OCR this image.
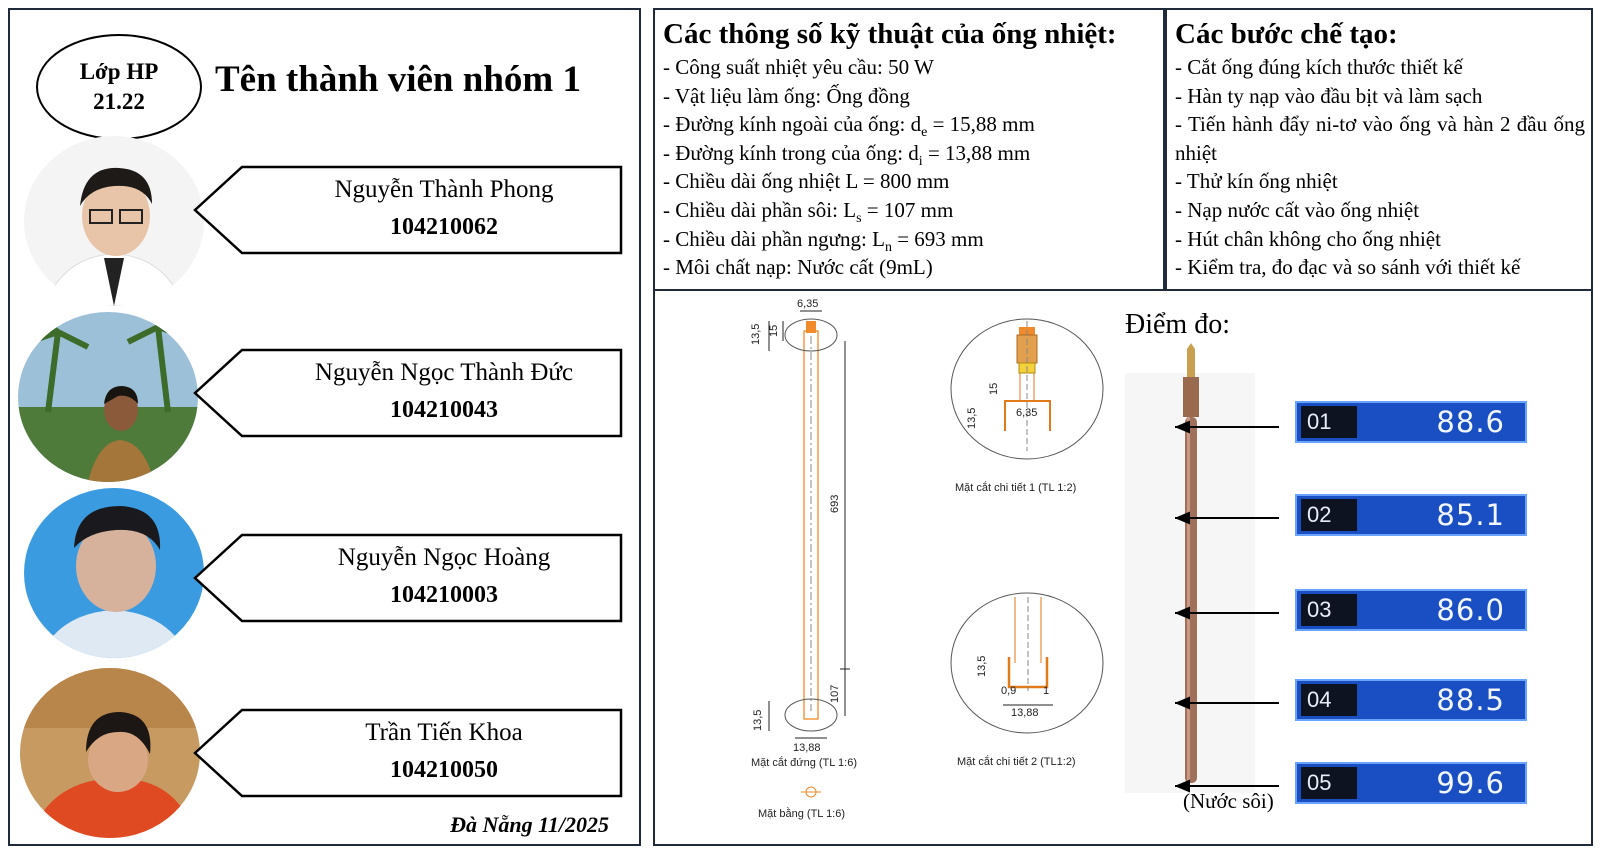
Lớp HP
21.22
Tên thành viên nhóm 1
Nguyễn Thành Phong
104210062
Nguyễn Ngọc Thành Đức
104210043
Nguyễn Ngọc Hoàng
104210003
Trần Tiến Khoa
104210050
Đà Nẵng 11/2025
Các thông số kỹ thuật của ống nhiệt:
- Công suất nhiệt yêu cầu: 50 W
- Vật liệu làm ống: Ống đồng
- Đường kính ngoài của ống: $d_e = 15,88$ mm
- Đường kính trong của ống: $d_i = 13,88$ mm
- Chiều dài ống nhiệt L = 800 mm
- Chiều dài phần sôi: $L_s = 107$ mm
- Chiều dài phần ngưng: $L_n = 693$ mm
- Môi chất nạp: Nước cất (9mL)
Các bước chế tạo:
- Cắt ống đúng kích thước thiết kế
- Hàn ty nạp vào đầu bịt và làm sạch
- Tiến hành đẩy ni-tơ vào ống và hàn 2 đầu ống nhiệt
- Thử kín ống nhiệt
- Nạp nước cất vào ống nhiệt
- Hút chân không cho ống nhiệt
- Kiểm tra, đo đạc và so sánh với thiết kế
6,35
13,5 15
693
107
13,5
13,88
Mặt cắt đứng (TL 1:6)
Mặt bằng (TL 1:6)
15
13,5	6,35
Mặt cắt chi tiết 1 (TL 1:2)
13,5
0,9 1
13,88
Mặt cắt chi tiết 2 (TL1:2)
Điểm đo:
(Nước sôi)
01	88.6
02	85.1
03	86.0
04	88.5
05	99.6
